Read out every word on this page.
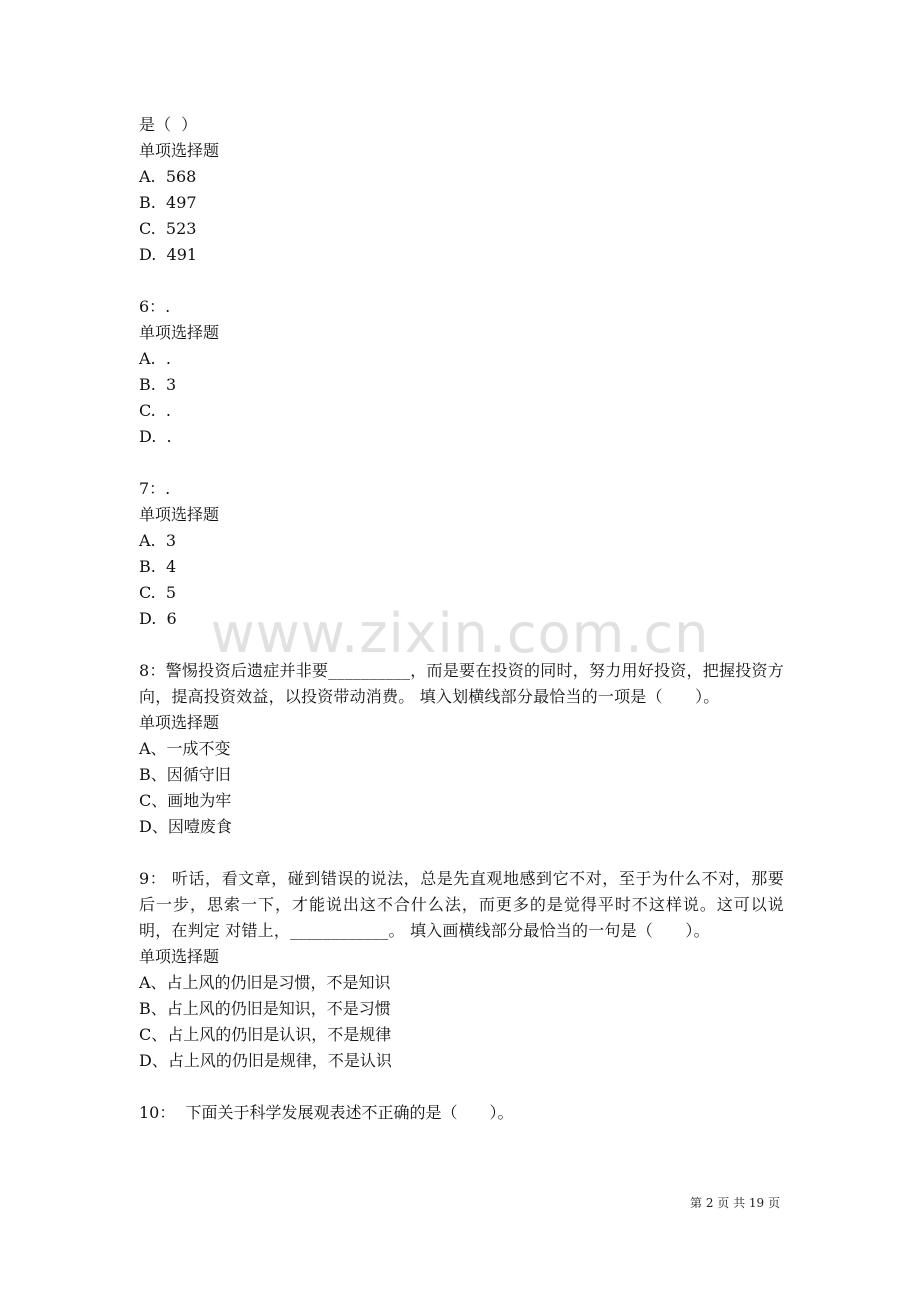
是（  ）
单项选择题
A.  568
B.  497
C.  523
D.  491
6：.
单项选择题
A.  .
B.  3
C.  .
D.  .
7：.
单项选择题
A.  3
B.  4
C.  5
D.  6
8：警惕投资后遗症并非要__________，而是要在投资的同时，努力用好投资，把握投资方向，提高投资效益，以投资带动消费。 填入划横线部分最恰当的一项是（　　）。
单项选择题
A、一成不变
B、因循守旧
C、画地为牢
D、因噎废食
9： 听话，看文章，碰到错误的说法，总是先直观地感到它不对，至于为什么不对，那要后一步，思索一下，才能说出这不合什么法，而更多的是觉得平时不这样说。这可以说明，在判定 对错上，____________。 填入画横线部分最恰当的一句是（　　）。
单项选择题
A、占上风的仍旧是习惯，不是知识
B、占上风的仍旧是知识，不是习惯
C、占上风的仍旧是认识，不是规律
D、占上风的仍旧是规律，不是认识
10：  下面关于科学发展观表述不正确的是（　　）。
www.zixin.com.cn
第 2 页 共 19 页
